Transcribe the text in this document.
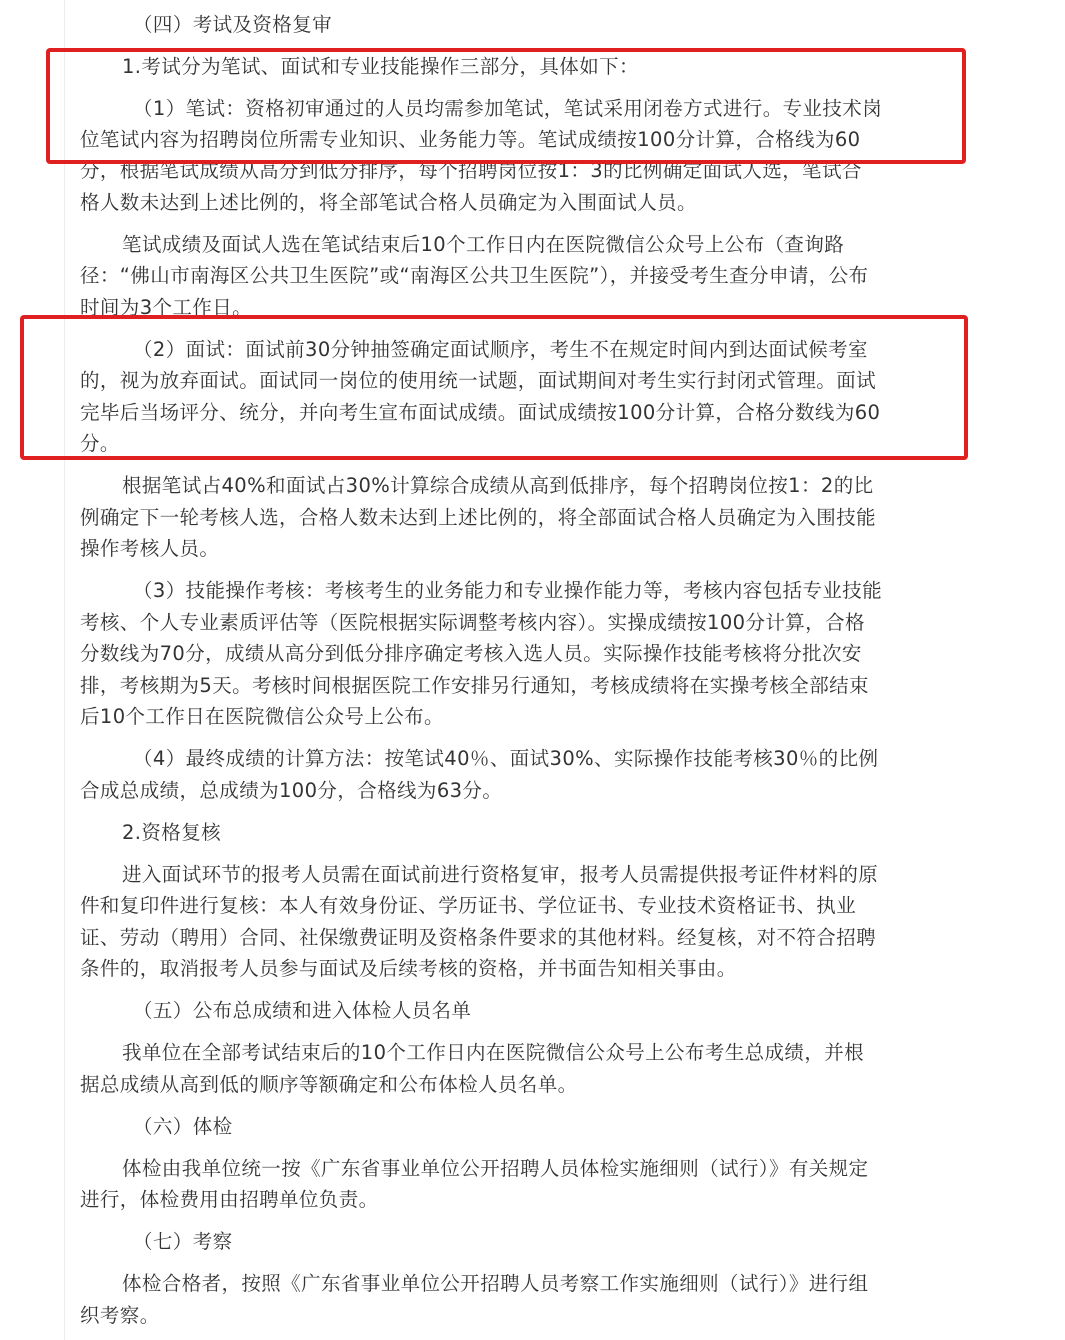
（四）考试及资格复审
1.考试分为笔试、面试和专业技能操作三部分，具体如下：
（1）笔试：资格初审通过的人员均需参加笔试，笔试采用闭卷方式进行。专业技术岗
位笔试内容为招聘岗位所需专业知识、业务能力等。笔试成绩按100分计算，合格线为60
分，根据笔试成绩从高分到低分排序，每个招聘岗位按1：3的比例确定面试人选，笔试合
格人数未达到上述比例的，将全部笔试合格人员确定为入围面试人员。
笔试成绩及面试人选在笔试结束后10个工作日内在医院微信公众号上公布（查询路
径：“佛山市南海区公共卫生医院”或“南海区公共卫生医院”），并接受考生查分申请，公布
时间为3个工作日。
（2）面试：面试前30分钟抽签确定面试顺序，考生不在规定时间内到达面试候考室
的，视为放弃面试。面试同一岗位的使用统一试题，面试期间对考生实行封闭式管理。面试
完毕后当场评分、统分，并向考生宣布面试成绩。面试成绩按100分计算，合格分数线为60
分。
根据笔试占40%和面试占30%计算综合成绩从高到低排序，每个招聘岗位按1：2的比
例确定下一轮考核人选，合格人数未达到上述比例的，将全部面试合格人员确定为入围技能
操作考核人员。
（3）技能操作考核：考核考生的业务能力和专业操作能力等，考核内容包括专业技能
考核、个人专业素质评估等（医院根据实际调整考核内容）。实操成绩按100分计算，合格
分数线为70分，成绩从高分到低分排序确定考核入选人员。实际操作技能考核将分批次安
排，考核期为5天。考核时间根据医院工作安排另行通知，考核成绩将在实操考核全部结束
后10个工作日在医院微信公众号上公布。
（4）最终成绩的计算方法：按笔试40％、面试30%、实际操作技能考核30％的比例
合成总成绩，总成绩为100分，合格线为63分。
2.资格复核
进入面试环节的报考人员需在面试前进行资格复审，报考人员需提供报考证件材料的原
件和复印件进行复核：本人有效身份证、学历证书、学位证书、专业技术资格证书、执业
证、劳动（聘用）合同、社保缴费证明及资格条件要求的其他材料。经复核，对不符合招聘
条件的，取消报考人员参与面试及后续考核的资格，并书面告知相关事由。
（五）公布总成绩和进入体检人员名单
我单位在全部考试结束后的10个工作日内在医院微信公众号上公布考生总成绩，并根
据总成绩从高到低的顺序等额确定和公布体检人员名单。
（六）体检
体检由我单位统一按《广东省事业单位公开招聘人员体检实施细则（试行）》有关规定
进行，体检费用由招聘单位负责。
（七）考察
体检合格者，按照《广东省事业单位公开招聘人员考察工作实施细则（试行）》进行组
织考察。
